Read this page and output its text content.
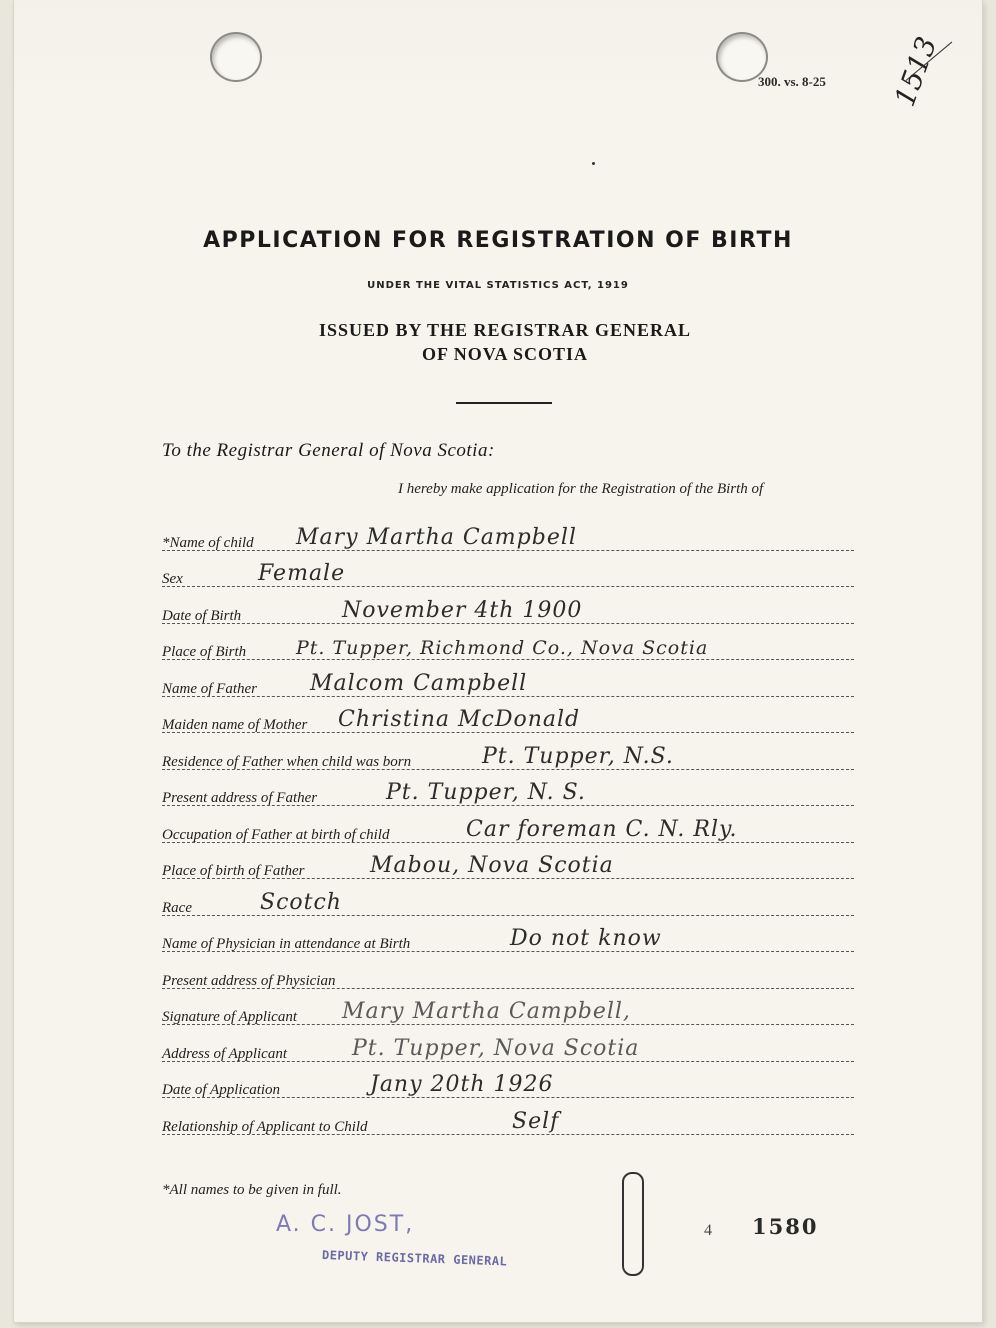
300. vs. 8-25
APPLICATION FOR REGISTRATION OF BIRTH
UNDER THE VITAL STATISTICS ACT, 1919
ISSUED BY THE REGISTRAR GENERAL
OF NOVA SCOTIA
To the Registrar General of Nova Scotia:
I hereby make application for the Registration of the Birth of
*Name of child Mary Martha Campbell
Sex	Female
Date of Birth	November 4th 1900
Place of Birth	Pt. Tupper, Richmond Co., Nova Scotia
Name of Father Malcom Campbell
Maiden name of Mother Christina McDonald
Residence of Father when child was born	Pt. Tupper, N.S.
Present address of Father	Pt. Tupper, N. S.
Occupation of Father at birth of child	Car foreman C. N. Rly.
Place of birth of Father	Mabou, Nova Scotia
Race	Scotch
Name of Physician in attendance at Birth	Do not know
Present address of Physician
Signature of Applicant Mary Martha Campbell,
Address of Applicant	Pt. Tupper, Nova Scotia
Date of Application	Jany 20th 1926
Relationship of Applicant to Child	Self
*All names to be given in full.
A. C. JOST,
DEPUTY REGISTRAR GENERAL
4 1580
